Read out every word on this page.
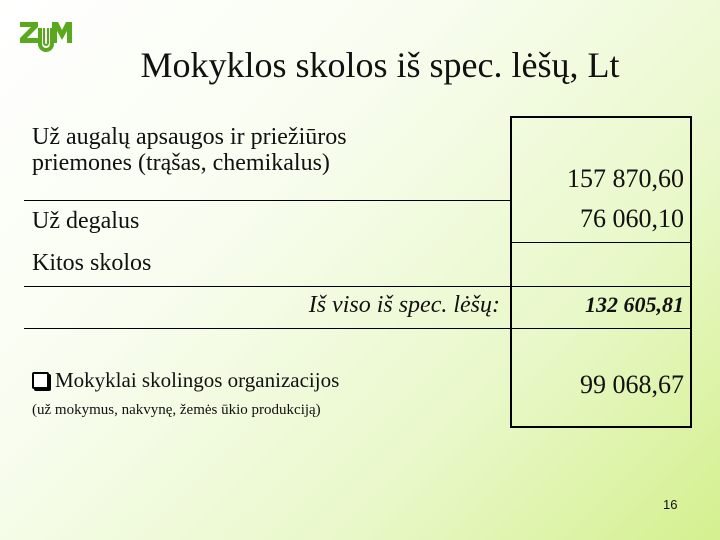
Mokyklos skolos iš spec. lėšų, Lt
Už augalų apsaugos ir priežiūros priemones (trąšas, chemikalus)
157 870,60
Už degalus	76 060,10
Kitos skolos
Iš viso iš spec. lėšų:	132 605,81
Mokyklai skolingos organizacijos
(už mokymus, nakvynę, žemės ūkio produkciją)
99 068,67
16
